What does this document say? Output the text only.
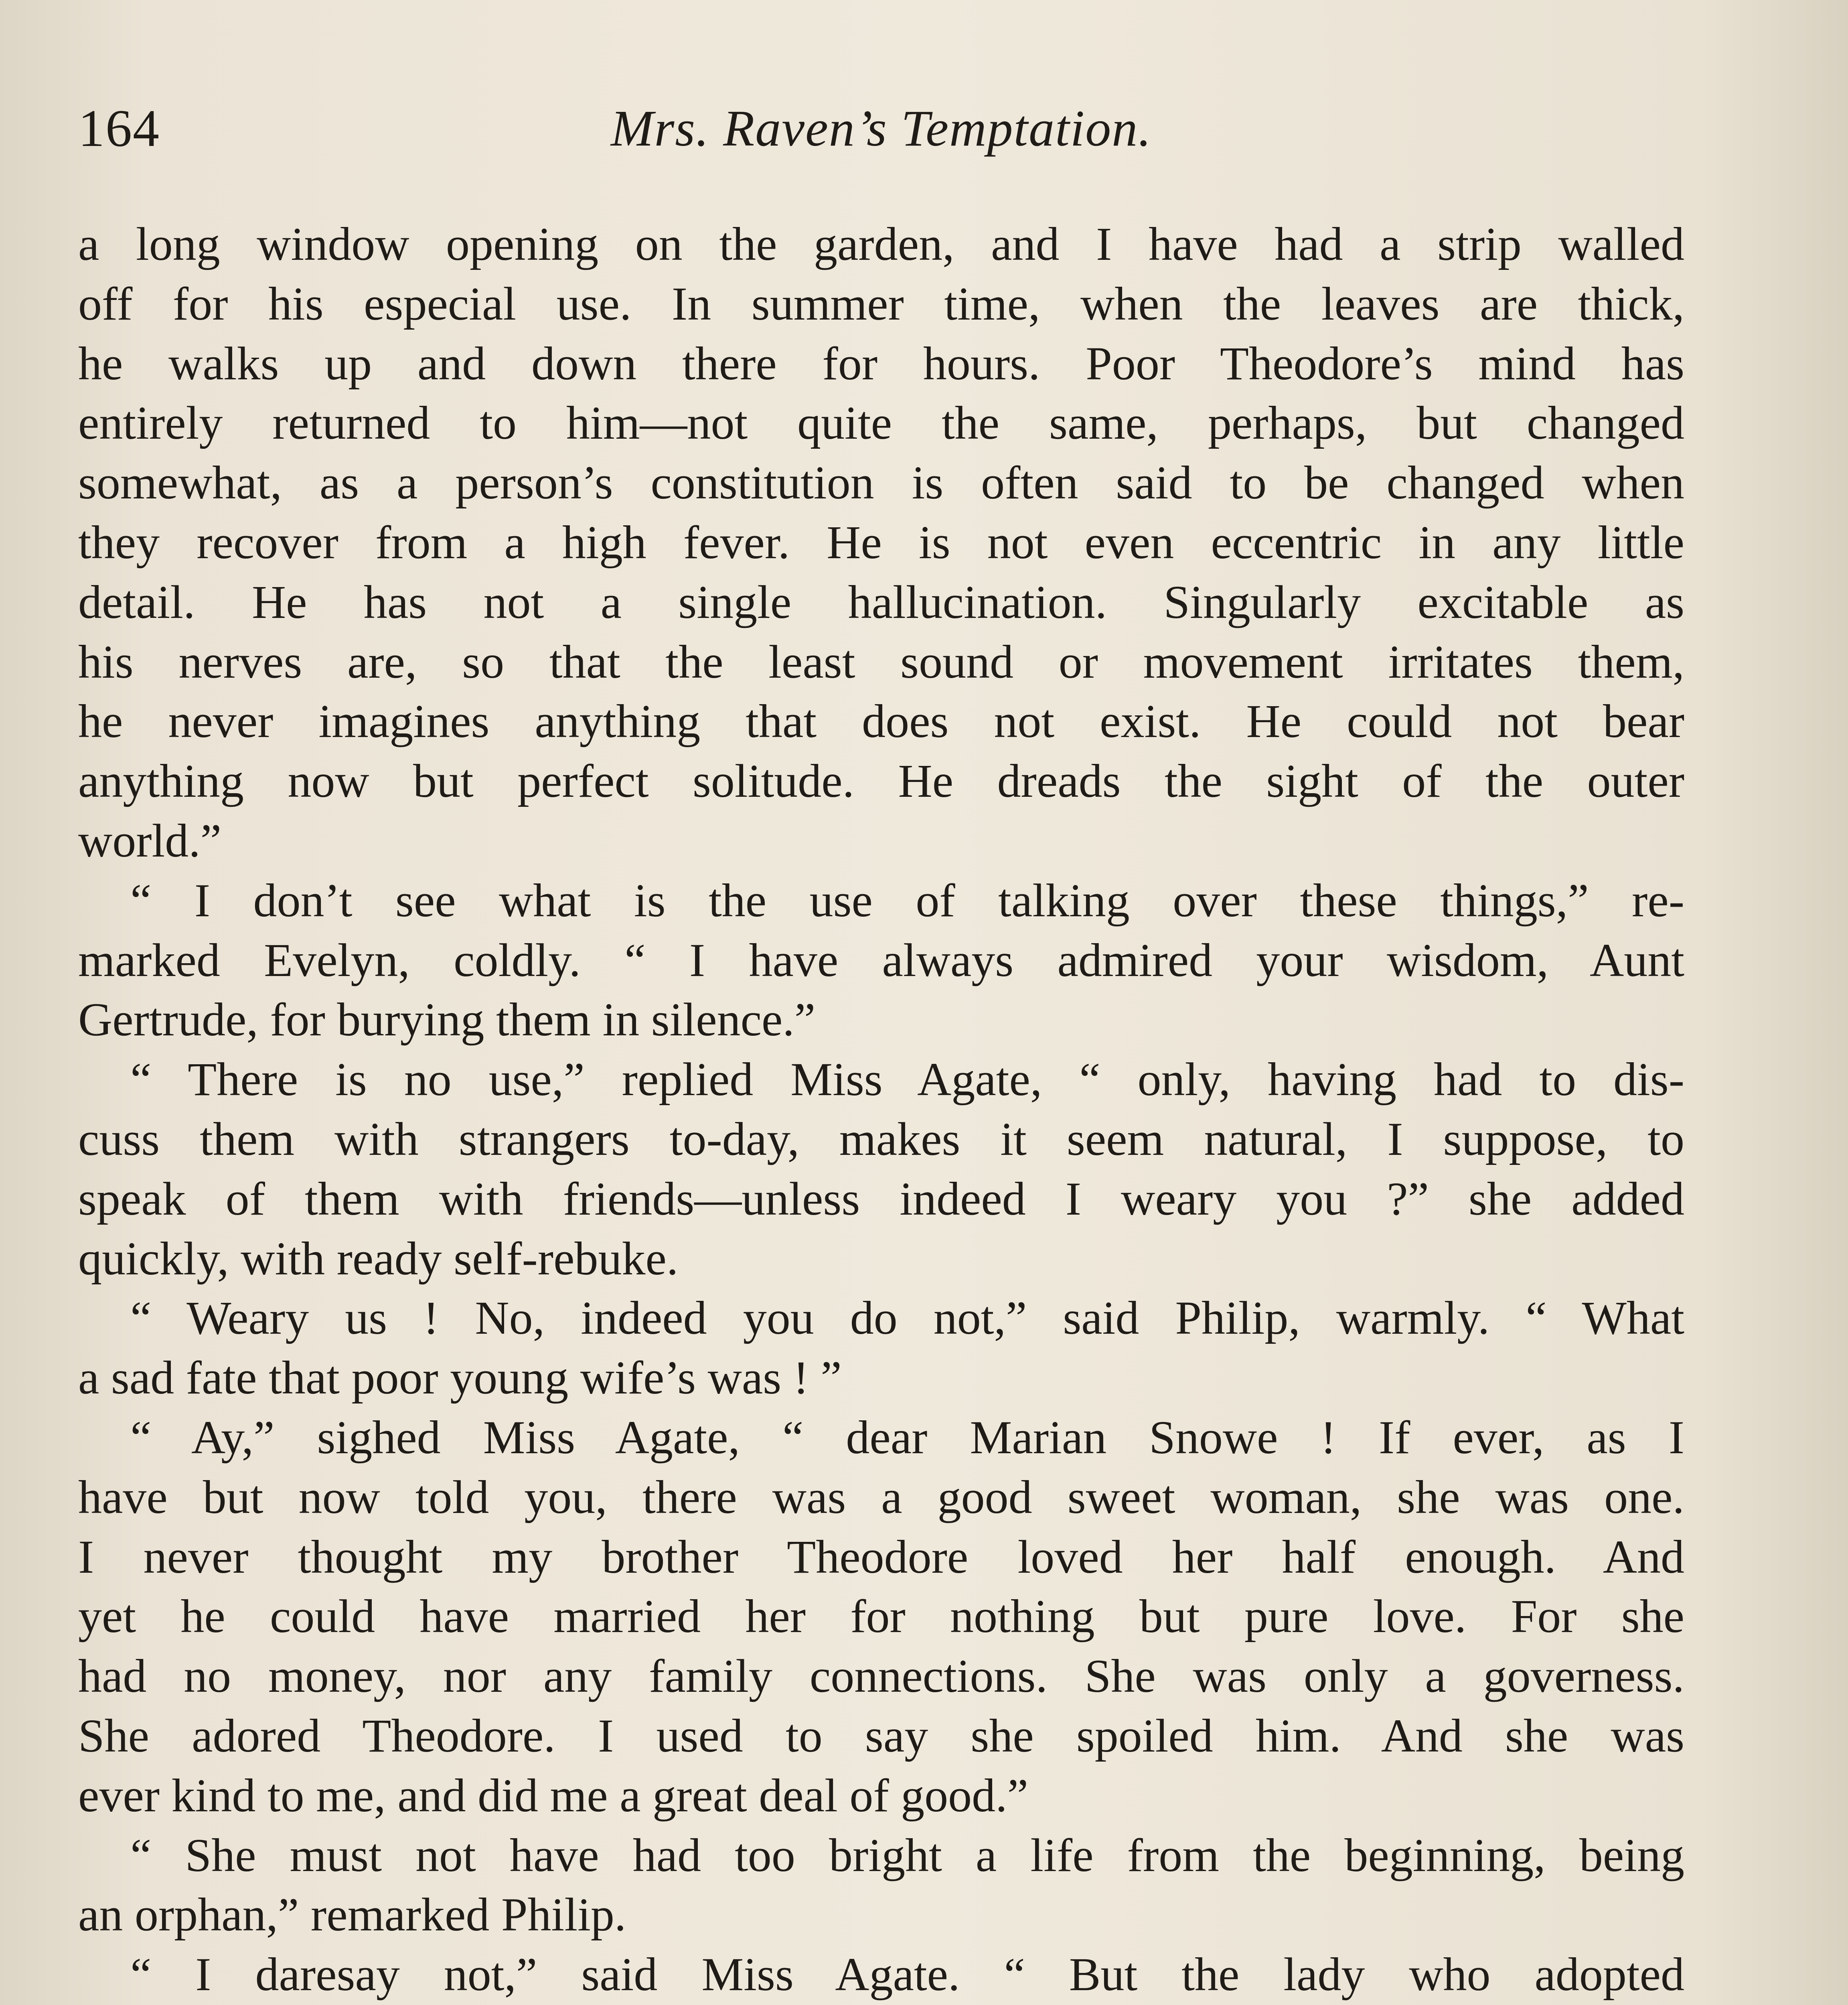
164	Mrs. Raven’s Temptation.
a long window opening on the garden, and I have had a strip walled
off for his especial use. In summer time, when the leaves are thick,
he walks up and down there for hours. Poor Theodore’s mind has
entirely returned to him—not quite the same, perhaps, but changed
somewhat, as a person’s constitution is often said to be changed when
they recover from a high fever. He is not even eccentric in any little
detail. He has not a single hallucination. Singularly excitable as
his nerves are, so that the least sound or movement irritates them,
he never imagines anything that does not exist. He could not bear
anything now but perfect solitude. He dreads the sight of the outer
world.”
“ I don’t see what is the use of talking over these things,” re-
marked Evelyn, coldly. “ I have always admired your wisdom, Aunt
Gertrude, for burying them in silence.”
“ There is no use,” replied Miss Agate, “ only, having had to dis-
cuss them with strangers to-day, makes it seem natural, I suppose, to
speak of them with friends—unless indeed I weary you ?” she added
quickly, with ready self-rebuke.
“ Weary us ! No, indeed you do not,” said Philip, warmly. “ What
a sad fate that poor young wife’s was ! ”
“ Ay,” sighed Miss Agate, “ dear Marian Snowe ! If ever, as I
have but now told you, there was a good sweet woman, she was one.
I never thought my brother Theodore loved her half enough. And
yet he could have married her for nothing but pure love. For she
had no money, nor any family connections. She was only a governess.
She adored Theodore. I used to say she spoiled him. And she was
ever kind to me, and did me a great deal of good.”
“ She must not have had too bright a life from the beginning, being
an orphan,” remarked Philip.
“ I daresay not,” said Miss Agate. “ But the lady who adopted
